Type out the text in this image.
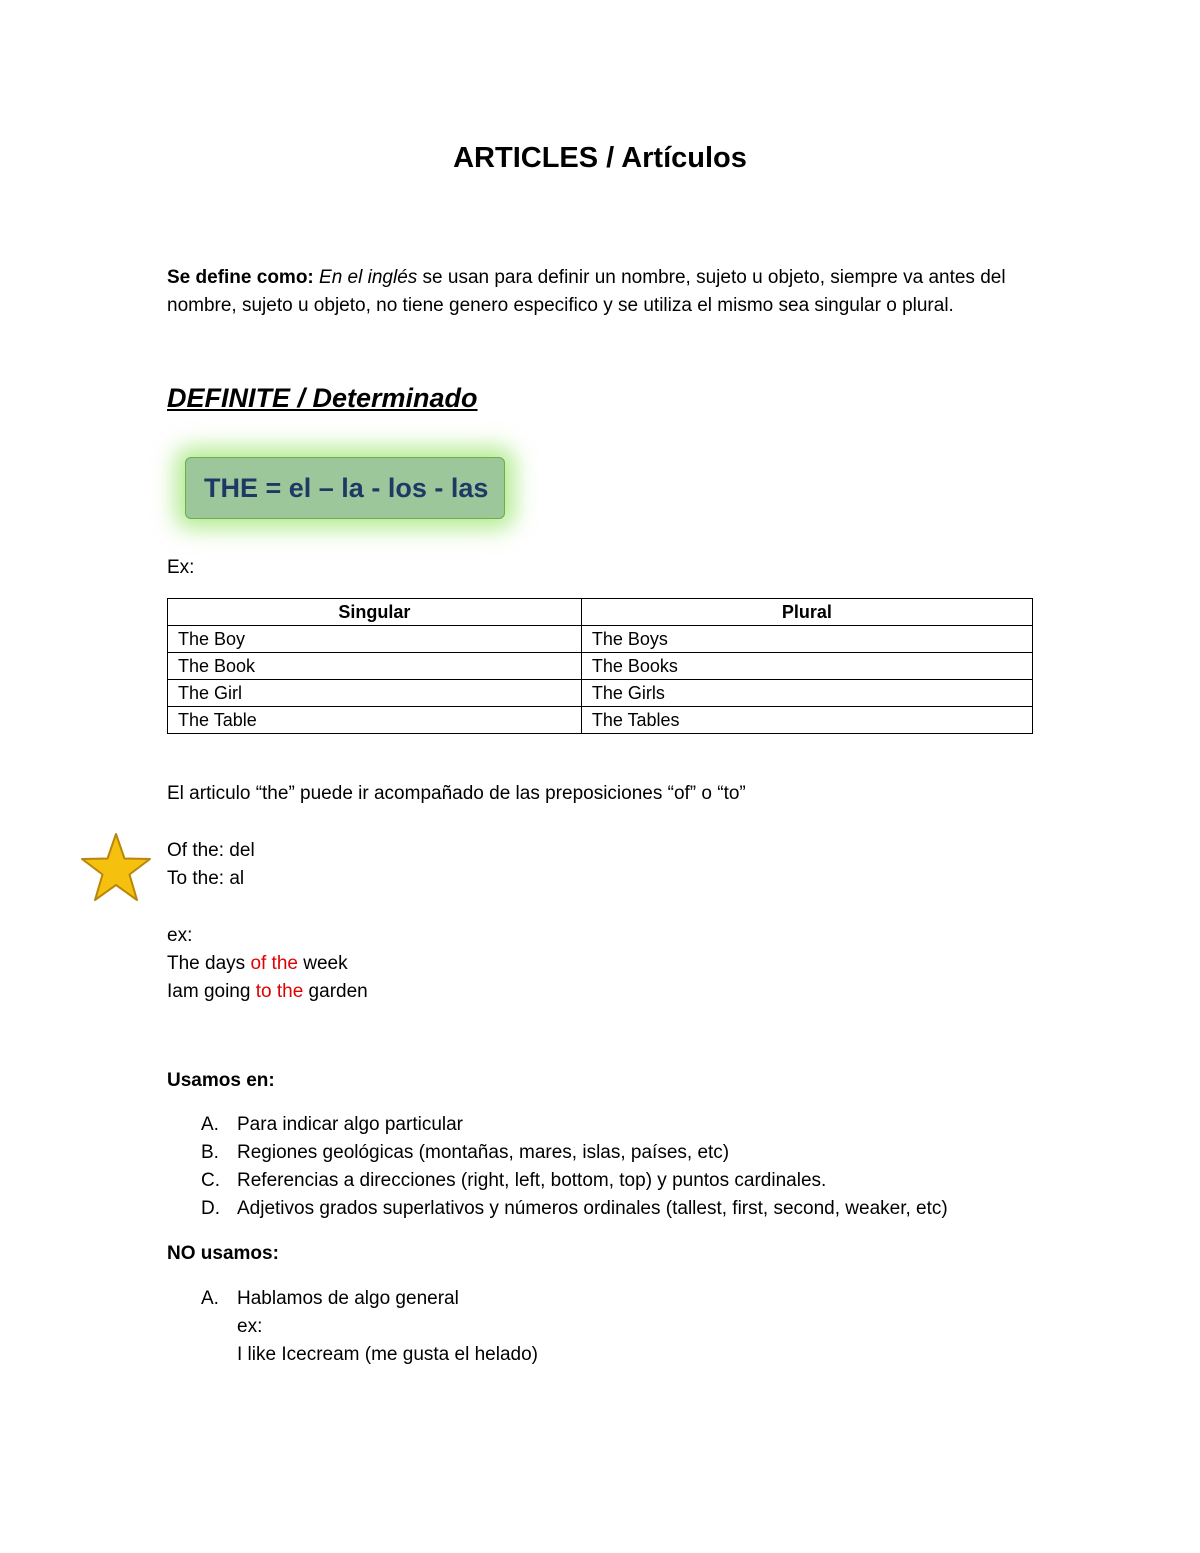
ARTICLES / Artículos
Se define como: En el inglés se usan para definir un nombre, sujeto u objeto, siempre va antes del nombre, sujeto u objeto, no tiene genero especifico y se utiliza el mismo sea singular o plural.
DEFINITE / Determinado
THE = el – la - los - las
Ex:
Singular	Plural
The Boy	The Boys
The Book	The Books
The Girl	The Girls
The Table	The Tables
El articulo “the” puede ir acompañado de las preposiciones “of” o “to”
Of the: del
To the: al
ex:
The days of the week
Iam going to the garden
Usamos en:
A. Para indicar algo particular
B. Regiones geológicas (montañas, mares, islas, países, etc)
C. Referencias a direcciones (right, left, bottom, top) y puntos cardinales.
D. Adjetivos grados superlativos y números ordinales (tallest, first, second, weaker, etc)
NO usamos:
A. Hablamos de algo general
ex:
I like Icecream (me gusta el helado)
